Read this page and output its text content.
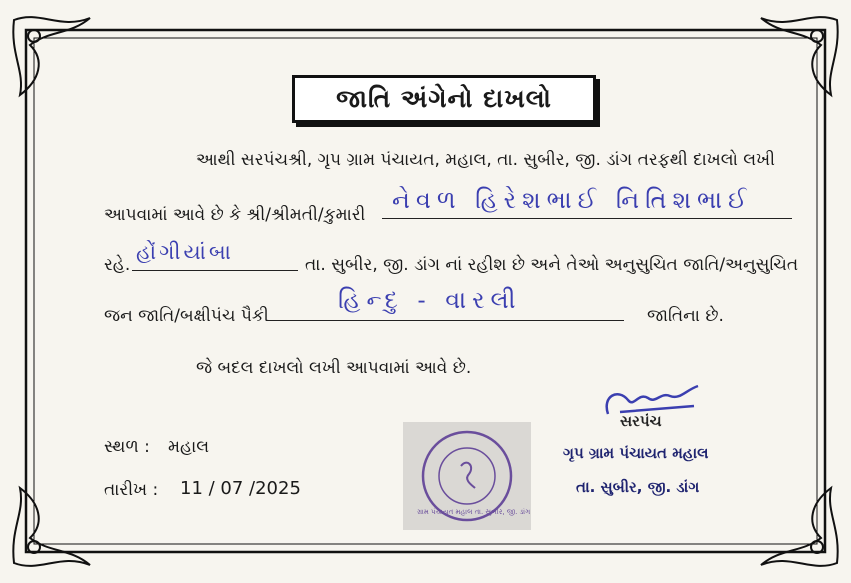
જાતિ અંગેનો દાખલો
આથી સરપંચશ્રી, ગૃપ ગ્રામ પંચાયત, મહાલ, તા. સુબીર, જી. ડાંગ તરફથી દાખલો લખી
આપવામાં આવે છે કે શ્રી/શ્રીમતી/કુમારી
નેવળ હિરેશભાઈ નિતિશભાઈ
રહે.
હોંગીયાંબા
તા. સુબીર, જી. ડાંગ નાં રહીશ છે અને તેઓ અનુસુચિત જાતિ/અનુસુચિત
જન જાતિ/બક્ષીપંચ પૈકી
હિન્દુ - વારલી
જાતિના છે.
જે બદલ દાખલો લખી આપવામાં આવે છે.
સ્થળ : મહાલ
તારીખ : 11 / 07 /2025
ગ્રામ પંચાયત મહાલ તા. સુબીર, જી. ડાંગ
સરપંચ
ગૃપ ગ્રામ પંચાયત મહાલ
તા. સુબીર, જી. ડાંગ
